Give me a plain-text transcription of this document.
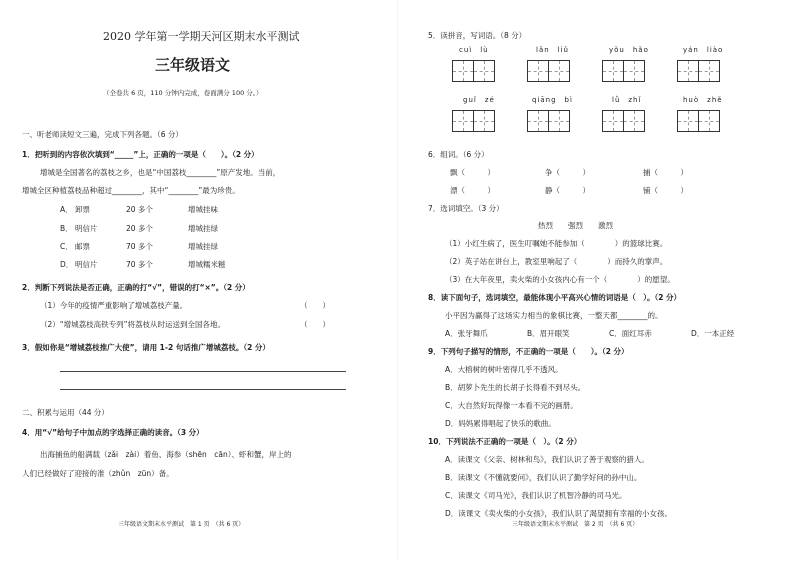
2020 学年第一学期天河区期末水平测试
三年级语文
（全卷共 6 页，110 分钟内完成，卷面满分 100 分。）
一、听老师读短文三遍，完成下列各题。（6 分）
1．把听到的内容依次填到“_____”上，正确的一项是（　　）。（2 分）
增城是全国著名的荔枝之乡，也是“中国荔枝________”原产发地。当前，
增城全区种植荔枝品种超过________，其中“________”最为珍贵。
A． 卸票	20 多个	增城挂味
B． 明信片	20 多个	增城挂绿
C． 邮票	70 多个	增城挂绿
D． 明信片	70 多个	增城糯米糍
2．判断下列说法是否正确，正确的打“√”，错误的打“×”。（2 分）
（1）今年的疫情严重影响了增城荔枝产量。	（　　）
（2）“增城荔枝高铁专列”将荔枝从时运送到全国各地。	（　　）
3．假如你是“增城荔枝推广大使”，请用 1-2 句话推广增城荔枝。（2 分）
二、积累与运用（44 分）
4．用“√”给句子中加点的字选择正确的读音。（3 分）
出海捕鱼的船满载（zǎi　zài）着鱼、海参（shēn　cān）、虾和蟹，岸上的
人们已经做好了迎接的准（zhǔn　zūn）备。
三年级语文期末水平测试　第 1 页　（共 6 页）
5．读拼音，写词语。（8 分）
cuì　lù	lǎn　liǔ	yǒu　hǎo	yán　liào
guǐ　zé	qiāng　bì	lǜ　zhǐ	huò　zhě
6．组词。（6 分）
飘（　　　）	争（　　　）	捕（　　　）
漂（　　　）	静（　　　）	铺（　　　）
7．选词填空。（3 分）
热烈　　强烈　　激烈
（1）小红生病了，医生叮嘱她不能参加（　　　　）的篮球比赛。
（2）英子站在讲台上，教室里响起了（　　　　）而持久的掌声。
（3）在大年夜里，卖火柴的小女孩内心有一个（　　　　）的愿望。
8．读下面句子，选词填空，最能体现小平高兴心情的词语是（　）。（2 分）
小平因为赢得了这场实力相当的象棋比赛，一整天都________的。
A．张牙舞爪	B．眉开眼笑	C．面红耳赤	D．一本正经
9．下列句子描写的情形，不正确的一项是（　　）。（2 分）
A．大榕树的树叶密得几乎不透风。
B．胡萝卜先生的长胡子长得看不到尽头。
C．大自然好玩得像一本看不完的画册。
D．妈妈累得唱起了快乐的歌曲。
10．下列说法不正确的一项是（　）。（2 分）
A．读课文《父亲、树林和鸟》，我们认识了善于观察的猎人。
B．读课文《不懂就要问》，我们认识了勤学好问的孙中山。
C．读课文《司马光》，我们认识了机智冷静的司马光。
D．读课文《卖火柴的小女孩》，我们认识了渴望拥有幸福的小女孩。
三年级语文期末水平测试　第 2 页　（共 6 页）
